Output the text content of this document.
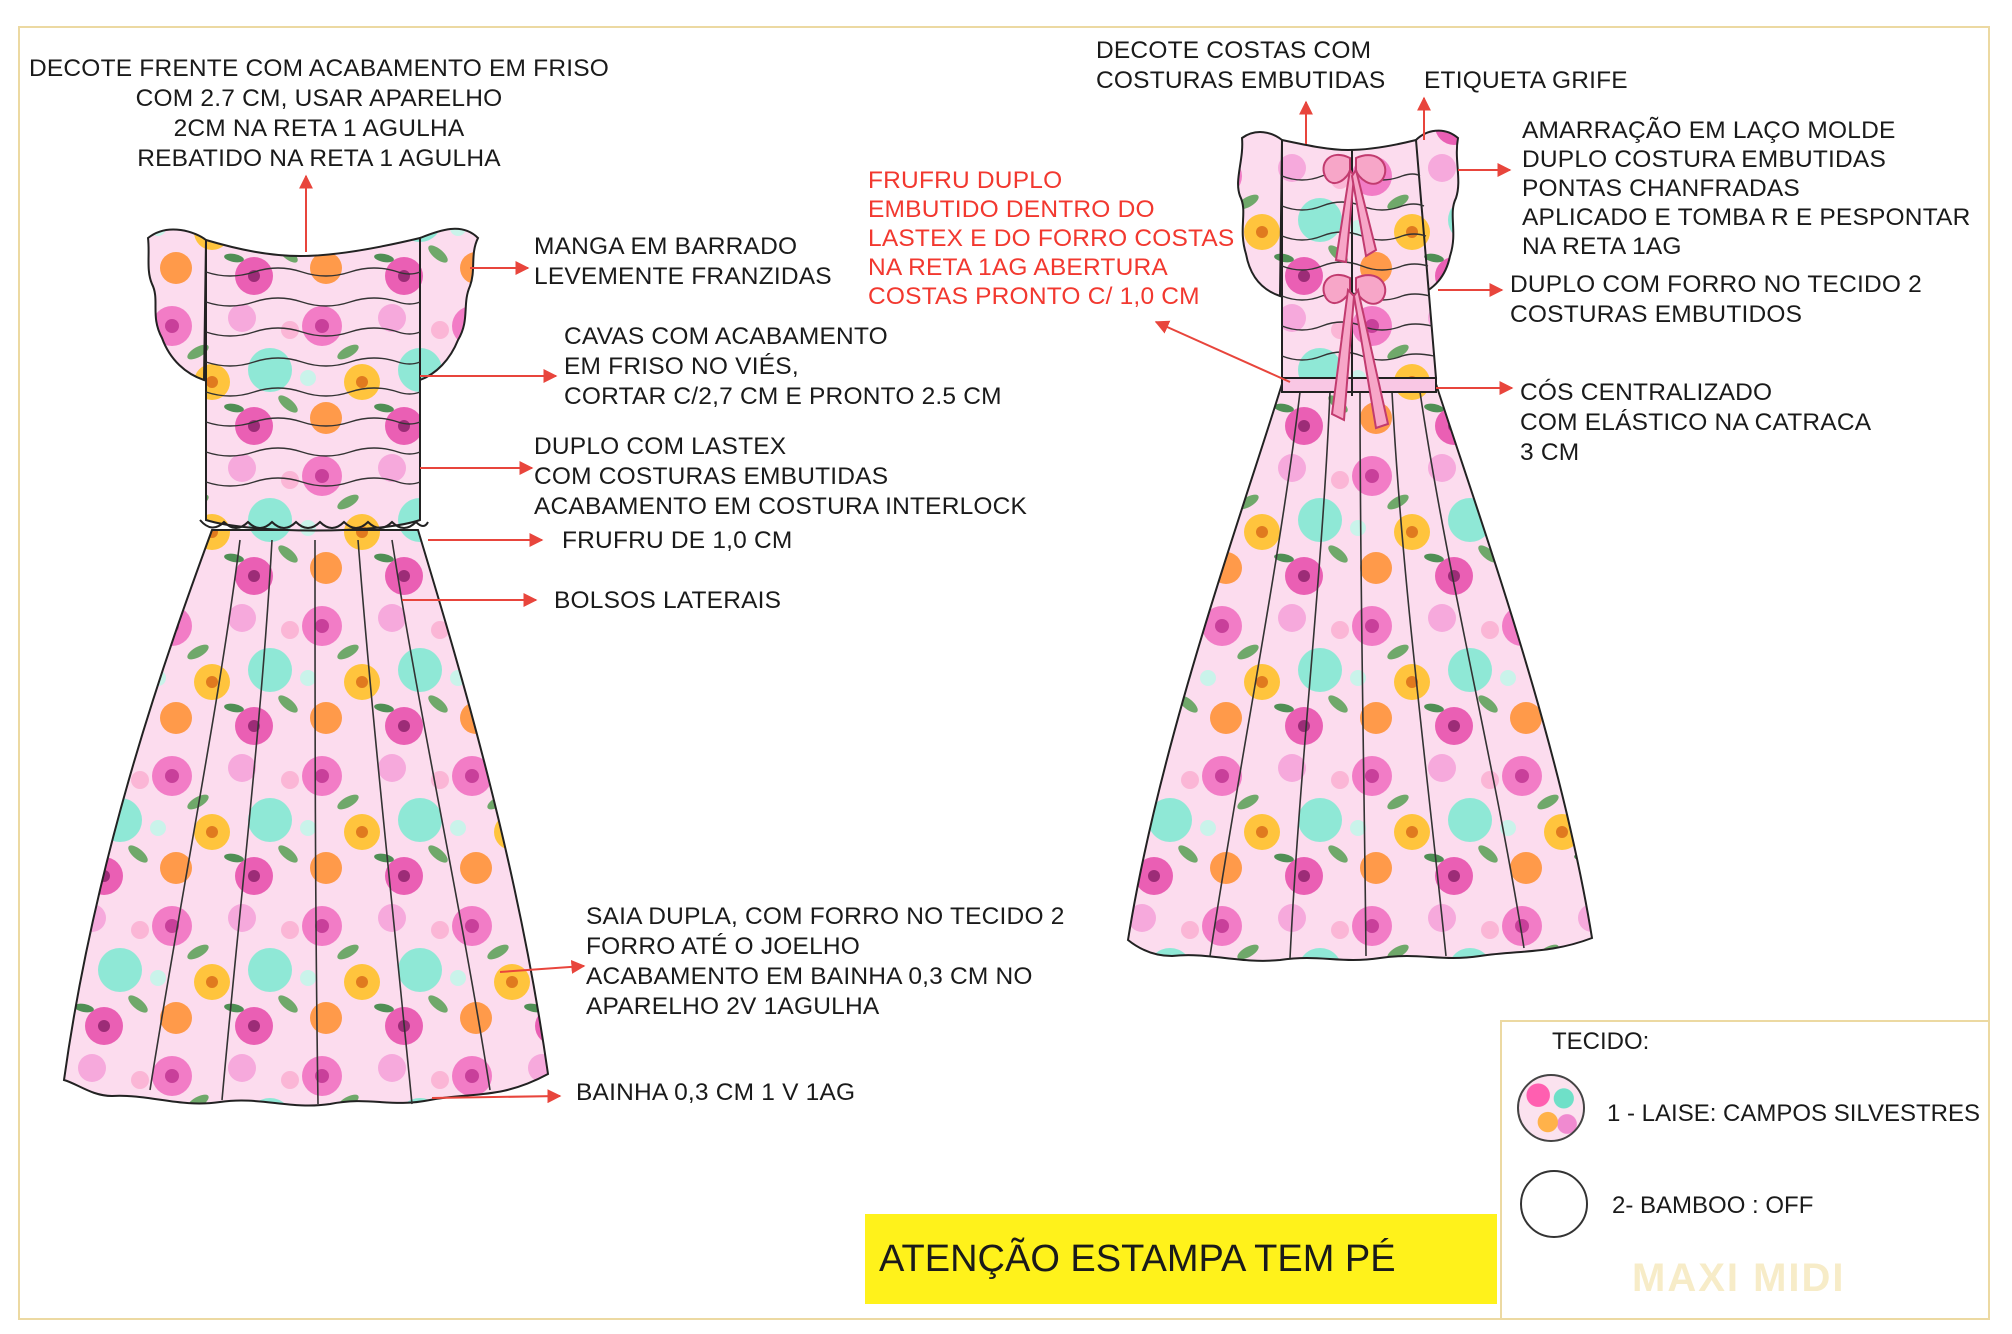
DECOTE FRENTE COM ACABAMENTO EM FRISO
COM 2.7 CM, USAR APARELHO
2CM NA RETA 1 AGULHA
REBATIDO NA RETA 1 AGULHA
MANGA EM BARRADO
LEVEMENTE FRANZIDAS
CAVAS COM ACABAMENTO
EM FRISO NO VIÉS,
CORTAR C/2,7 CM E PRONTO 2.5 CM
DUPLO COM LASTEX
COM COSTURAS EMBUTIDAS
ACABAMENTO EM COSTURA INTERLOCK
FRUFRU DE 1,0 CM
BOLSOS LATERAIS
SAIA DUPLA, COM FORRO NO TECIDO 2
FORRO ATÉ O JOELHO
ACABAMENTO EM BAINHA 0,3 CM NO
APARELHO 2V 1AGULHA
BAINHA 0,3 CM 1 V 1AG
DECOTE COSTAS COM
COSTURAS EMBUTIDAS ETIQUETA GRIFE
AMARRAÇÃO EM LAÇO MOLDE
DUPLO COSTURA EMBUTIDAS
PONTAS CHANFRADAS
APLICADO E TOMBA R E PESPONTAR
NA RETA 1AG
FRUFRU DUPLO
EMBUTIDO DENTRO DO
LASTEX E DO FORRO COSTAS
NA RETA 1AG ABERTURA
COSTAS PRONTO C/ 1,0 CM	DUPLO COM FORRO NO TECIDO 2
COSTURAS EMBUTIDOS
CÓS CENTRALIZADO
COM ELÁSTICO NA CATRACA
3 CM
TECIDO:
1 - LAISE: CAMPOS SILVESTRES
2- BAMBOO : OFF
MAXI MIDI
ATENÇÃO ESTAMPA TEM PÉ
